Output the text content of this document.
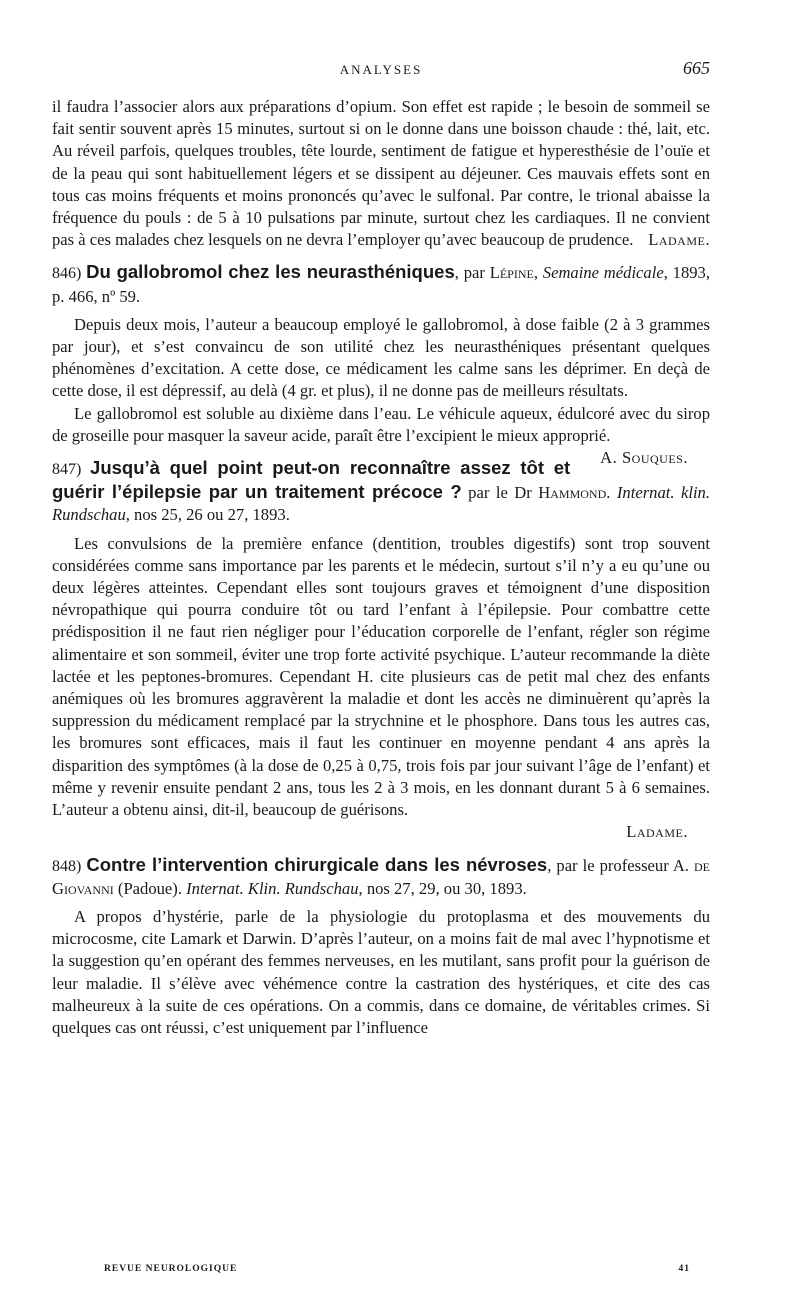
ANALYSES	665

il faudra l’associer alors aux préparations d’opium. Son effet est rapide ; le besoin de sommeil se fait sentir souvent après 15 minutes, surtout si on le donne dans une boisson chaude : thé, lait, etc. Au réveil parfois, quelques troubles, tête lourde, sentiment de fatigue et hyperesthésie de l’ouïe et de la peau qui sont habituellement légers et se dissipent au déjeuner. Ces mauvais effets sont en tous cas moins fréquents et moins prononcés qu’avec le sulfonal. Par contre, le trional abaisse la fréquence du pouls : de 5 à 10 pulsations par minute, surtout chez les cardiaques. Il ne convient pas à ces malades chez lesquels on ne devra l’employer qu’avec beaucoup de prudence. Ladame.

846) Du gallobromol chez les neurasthéniques, par Lépine, Semaine médicale, 1893, p. 466, nº 59.

Depuis deux mois, l’auteur a beaucoup employé le gallobromol, à dose faible (2 à 3 grammes par jour), et s’est convaincu de son utilité chez les neurasthéniques présentant quelques phénomènes d’excitation. A cette dose, ce médicament les calme sans les déprimer. En deçà de cette dose, il est dépressif, au delà (4 gr. et plus), il ne donne pas de meilleurs résultats.

Le gallobromol est soluble au dixième dans l’eau. Le véhicule aqueux, édulcoré avec du sirop de groseille pour masquer la saveur acide, paraît être l’excipient le mieux approprié.
A. Souques.

847) Jusqu’à quel point peut-on reconnaître assez tôt et guérir l’épilepsie par un traitement précoce ? par le Dr Hammond. Internat. klin. Rundschau, nos 25, 26 ou 27, 1893.

Les convulsions de la première enfance (dentition, troubles digestifs) sont trop souvent considérées comme sans importance par les parents et le médecin, surtout s’il n’y a eu qu’une ou deux légères atteintes. Cependant elles sont toujours graves et témoignent d’une disposition névropathique qui pourra conduire tôt ou tard l’enfant à l’épilepsie. Pour combattre cette prédisposition il ne faut rien négliger pour l’éducation corporelle de l’enfant, régler son régime alimentaire et son sommeil, éviter une trop forte activité psychique. L’auteur recommande la diète lactée et les peptones-bromures. Cependant H. cite plusieurs cas de petit mal chez des enfants anémiques où les bromures aggravèrent la maladie et dont les accès ne diminuèrent qu’après la suppression du médicament remplacé par la strychnine et le phosphore. Dans tous les autres cas, les bromures sont efficaces, mais il faut les continuer en moyenne pendant 4 ans après la disparition des symptômes (à la dose de 0,25 à 0,75, trois fois par jour suivant l’âge de l’enfant) et même y revenir ensuite pendant 2 ans, tous les 2 à 3 mois, en les donnant durant 5 à 6 semaines. L’auteur a obtenu ainsi, dit-il, beaucoup de guérisons.

Ladame.

848) Contre l’intervention chirurgicale dans les névroses, par le professeur A. de Giovanni (Padoue). Internat. Klin. Rundschau, nos 27, 29, ou 30, 1893.

A propos d’hystérie, parle de la physiologie du protoplasma et des mouvements du microcosme, cite Lamark et Darwin. D’après l’auteur, on a moins fait de mal avec l’hypnotisme et la suggestion qu’en opérant des femmes nerveuses, en les mutilant, sans profit pour la guérison de leur maladie. Il s’élève avec véhémence contre la castration des hystériques, et cite des cas malheureux à la suite de ces opérations. On a commis, dans ce domaine, de véritables crimes. Si quelques cas ont réussi, c’est uniquement par l’influence

REVUE NEUROLOGIQUE	41
